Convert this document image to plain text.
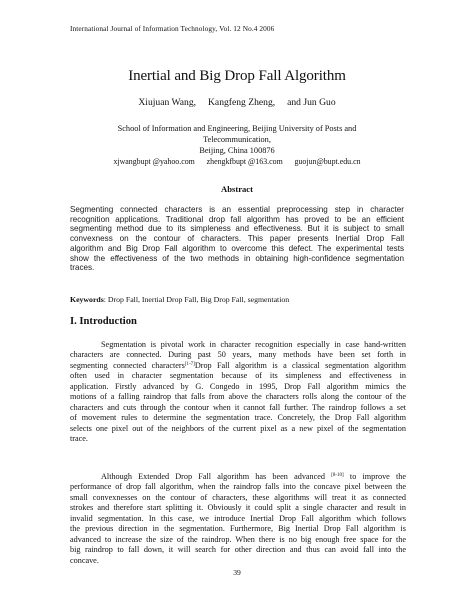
International Journal of Information Technology, Vol. 12 No.4 2006
Inertial and Big Drop Fall Algorithm
Xiujuan Wang,     Kangfeng Zheng,     and Jun Guo
School of Information and Engineering, Beijing University of Posts and
Telecommunication,
Beijing, China 100876
xjwangbupt @yahoo.com      zhengkfbupt @163.com      guojun@bupt.edu.cn
Abstract
Segmenting connected characters is an essential preprocessing step in character
recognition applications. Traditional drop fall algorithm has proved to be an efficient
segmenting method due to its simpleness and effectiveness. But it is subject to small
convexness on the contour of characters. This paper presents Inertial Drop Fall
algorithm and Big Drop Fall algorithm to overcome this defect. The experimental tests
show the effectiveness of the two methods in obtaining high-confidence segmentation
traces.
Keywords: Drop Fall, Inertial Drop Fall, Big Drop Fall, segmentation
I. Introduction
Segmentation is pivotal work in character recognition especially in case hand-written
characters are connected. During past 50 years, many methods have been set forth in
segmenting connected characters[1-7]Drop Fall algorithm is a classical segmentation algorithm
often used in character segmentation because of its simpleness and effectiveness in
application. Firstly advanced by G. Congedo in 1995, Drop Fall algorithm mimics the
motions of a falling raindrop that falls from above the characters rolls along the contour of the
characters and cuts through the contour when it cannot fall further. The raindrop follows a set
of movement rules to determine the segmentation trace. Concretely, the Drop Fall algorithm
selects one pixel out of the neighbors of the current pixel as a new pixel of the segmentation
trace.
Although Extended Drop Fall algorithm has been advanced [8-10] to improve the
performance of drop fall algorithm, when the raindrop falls into the concave pixel between the
small convexnesses on the contour of characters, these algorithms will treat it as connected
strokes and therefore start splitting it. Obviously it could split a single character and result in
invalid segmentation. In this case, we introduce Inertial Drop Fall algorithm which follows
the previous direction in the segmentation. Furthermore, Big Inertial Drop Fall algorithm is
advanced to increase the size of the raindrop. When there is no big enough free space for the
big raindrop to fall down, it will search for other direction and thus can avoid fall into the
concave.
39
